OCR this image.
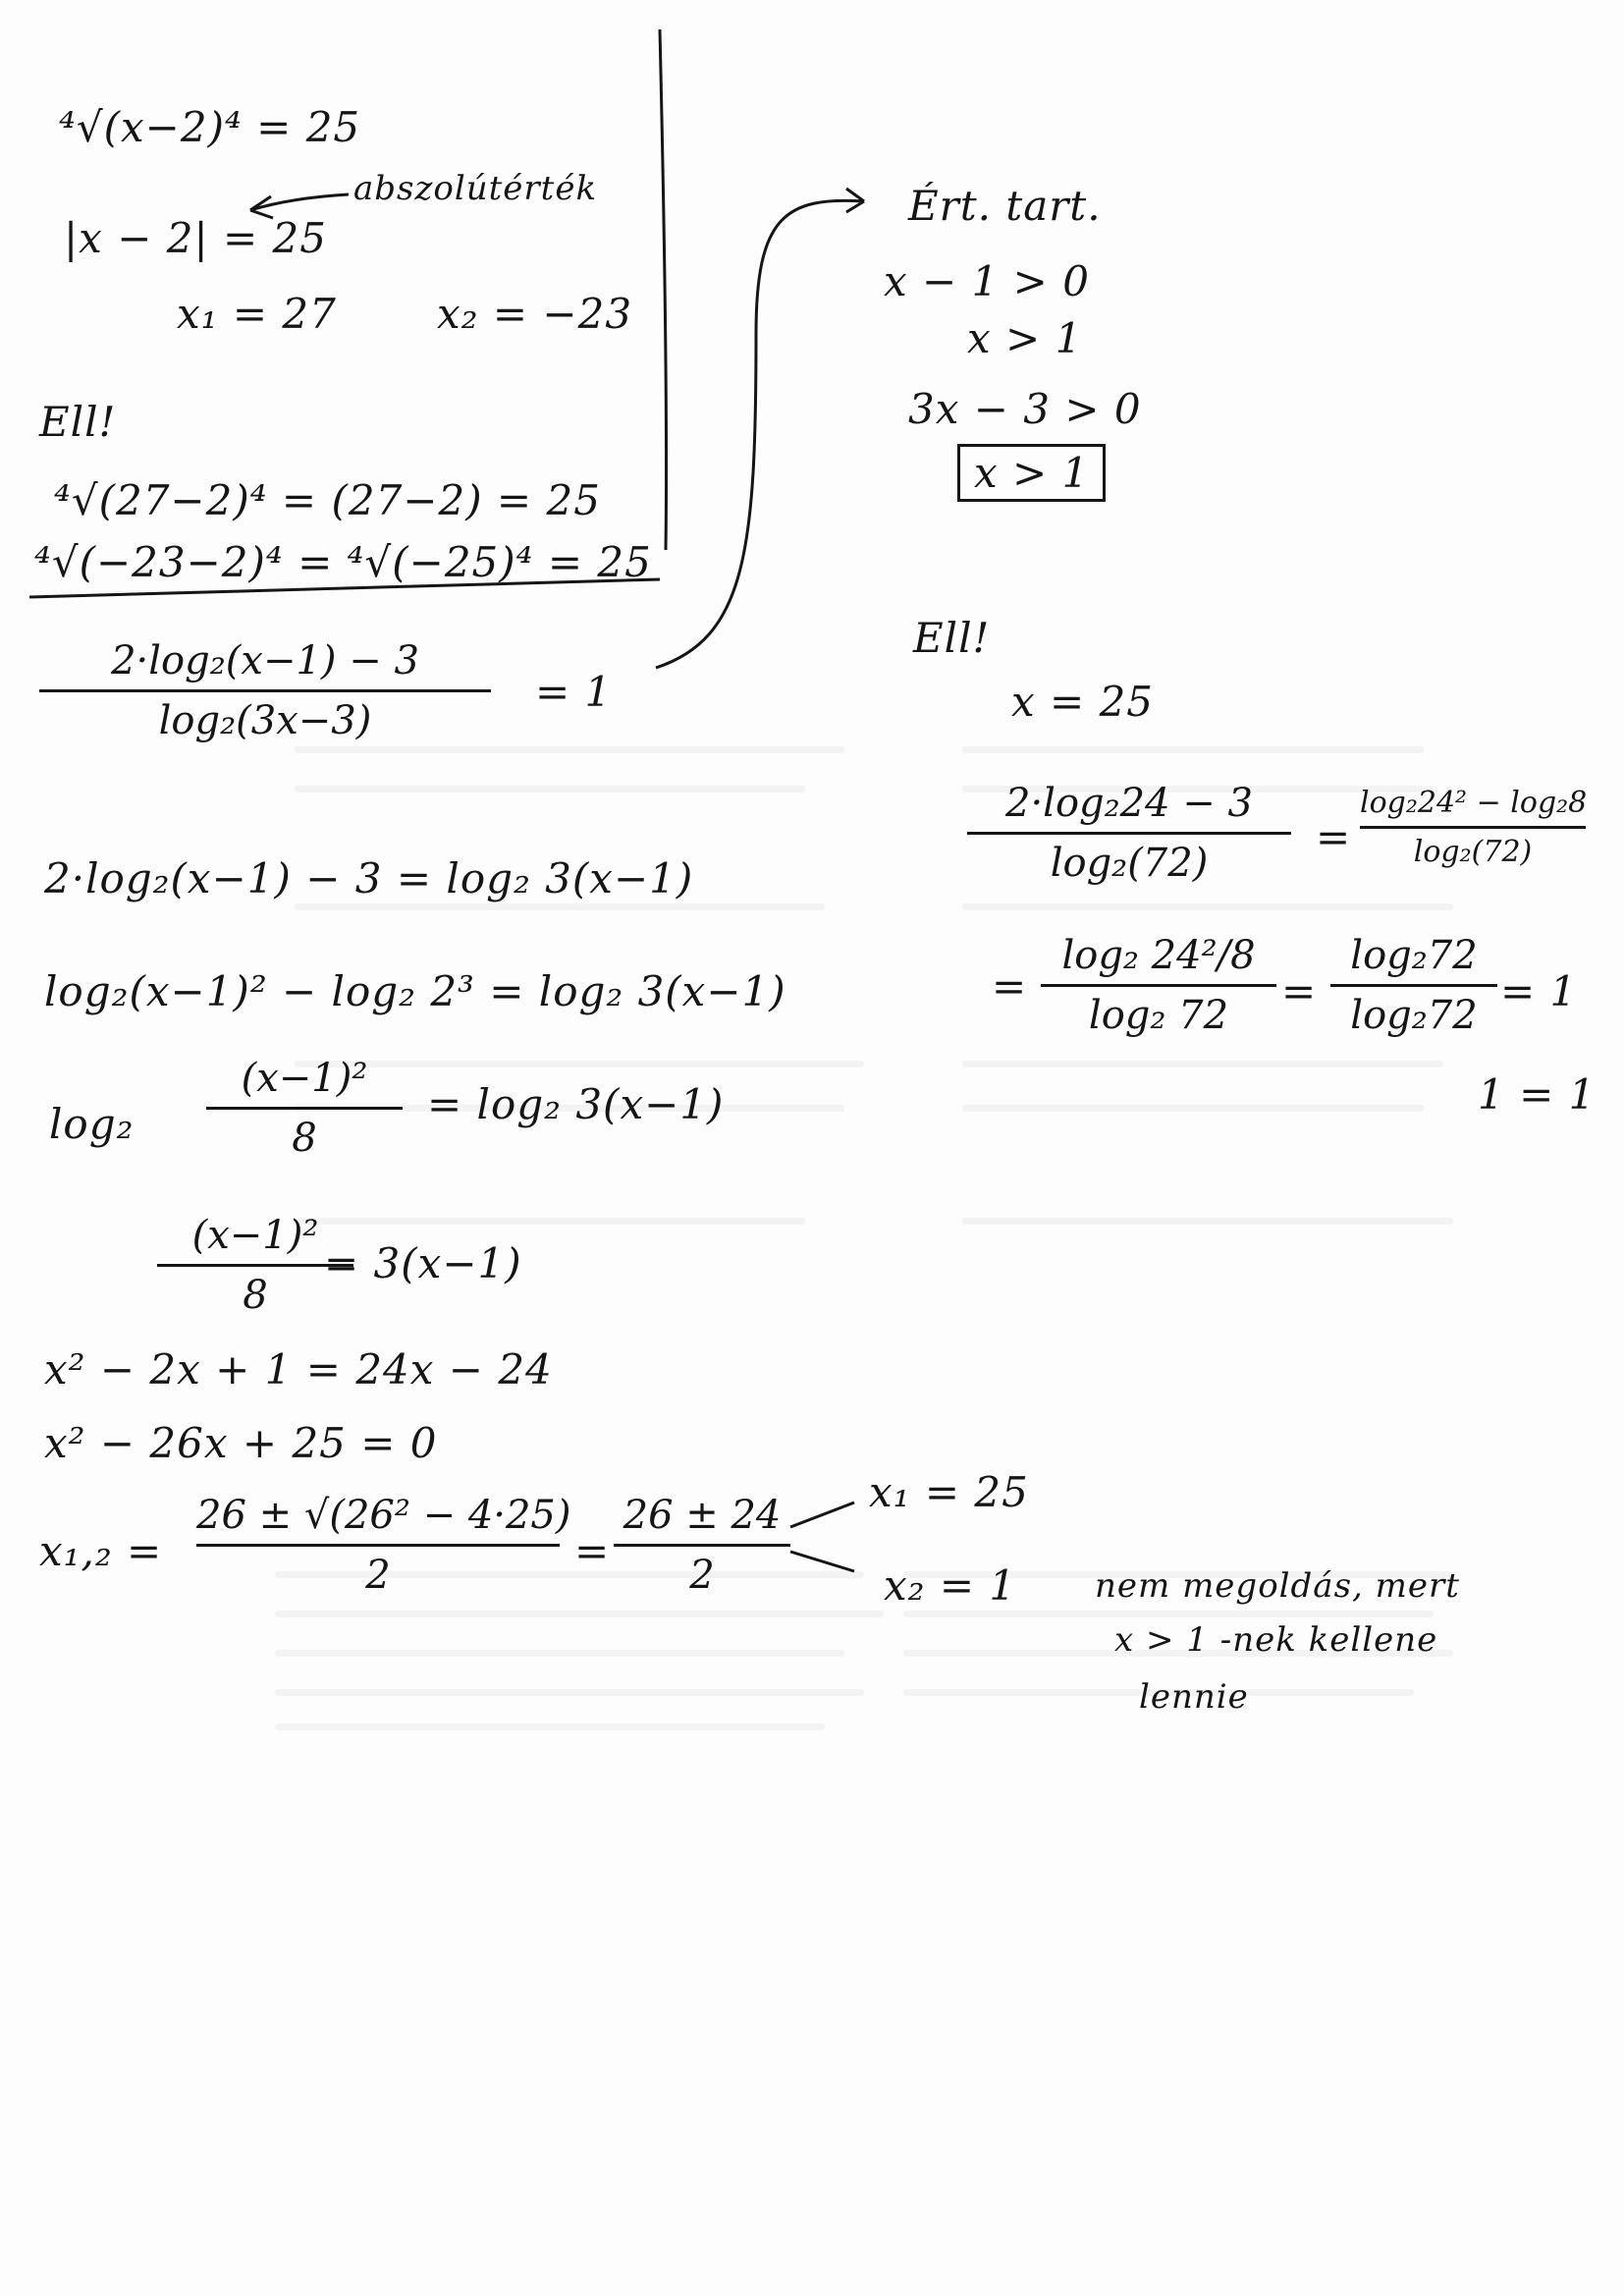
⁴√(x−2)⁴ = 25
abszolútérték
|x − 2| = 25
x₁ = 27 x₂ = −23
Ell!
⁴√(27−2)⁴ = (27−2) = 25
⁴√(−23−2)⁴ = ⁴√(−25)⁴ = 25
Ért. tart.
x − 1 > 0
x > 1
3x − 3 > 0
x > 1
2·log₂(x−1) − 3
log₂(3x−3)
= 1
2·log₂(x−1) − 3 = log₂ 3(x−1)
log₂(x−1)² − log₂ 2³ = log₂ 3(x−1)
log₂
(x−1)²
8
= log₂ 3(x−1)
(x−1)²
8
= 3(x−1)
x² − 2x + 1 = 24x − 24
x² − 26x + 25 = 0
x₁,₂ =
26 ± √(26² − 4·25)
2	=
26 ± 24
2
x₁ = 25
x₂ = 1 nem megoldás, mert
x > 1 -nek kellene
lennie
Ell!
x = 25
2·log₂24 − 3
log₂(72)
=
log₂24² − log₂8
log₂(72)
=
log₂ 24²/8
log₂ 72	=
log₂72
log₂72 = 1
1 = 1
